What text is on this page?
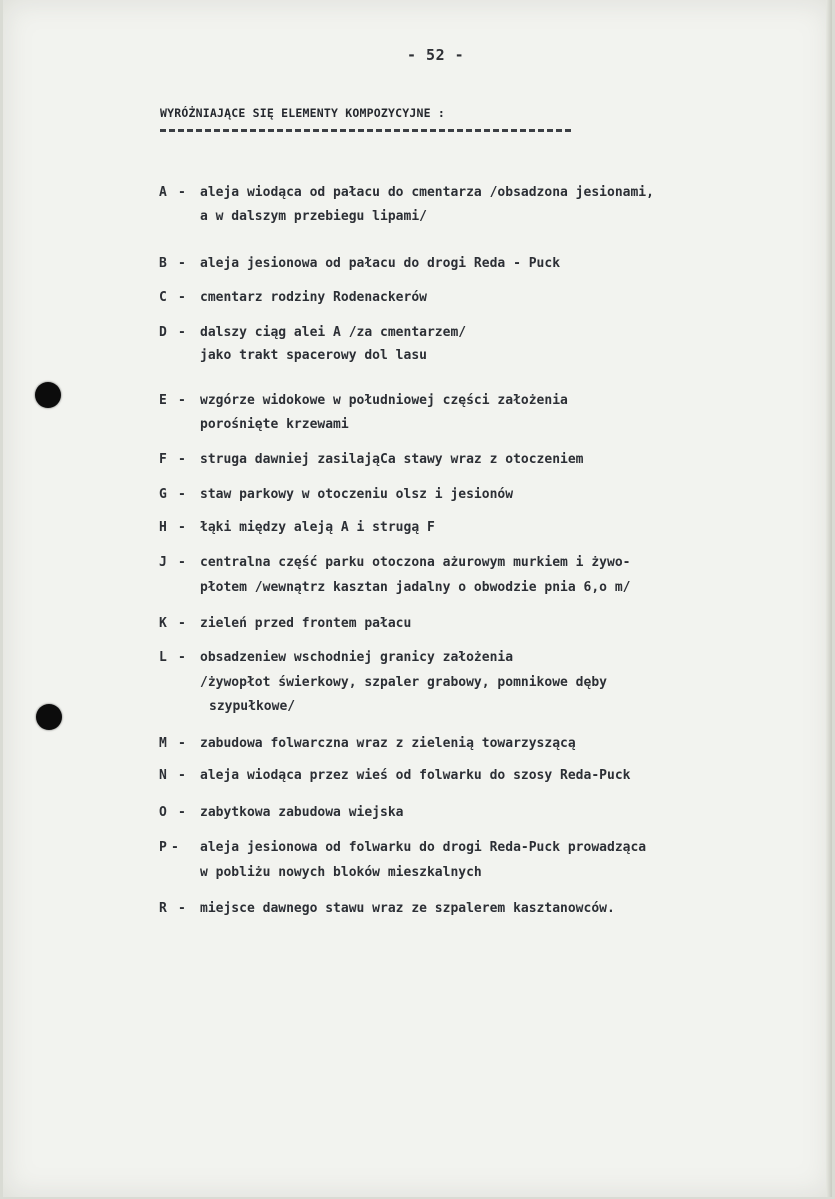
- 52 -
WYRÓŻNIAJĄCE SIĘ ELEMENTY KOMPOZYCYJNE :
A - aleja wiodąca od pałacu do cmentarza /obsadzona jesionami,
a w dalszym przebiegu lipami/
B - aleja jesionowa od pałacu do drogi Reda - Puck
C - cmentarz rodziny Rodenackerów
D - dalszy ciąg alei A /za cmentarzem/
jako trakt spacerowy dol lasu
E - wzgórze widokowe w południowej części założenia
porośnięte krzewami
F - struga dawniej zasilająCa stawy wraz z otoczeniem
G - staw parkowy w otoczeniu olsz i jesionów
H - łąki między aleją A i strugą F
J - centralna część parku otoczona ażurowym murkiem i żywo-
płotem /wewnątrz kasztan jadalny o obwodzie pnia 6,o m/
K - zieleń przed frontem pałacu
L - obsadzeniew wschodniej granicy założenia
/żywopłot świerkowy, szpaler grabowy, pomnikowe dęby
szypułkowe/
M - zabudowa folwarczna wraz z zielenią towarzyszącą
N - aleja wiodąca przez wieś od folwarku do szosy Reda-Puck
O - zabytkowa zabudowa wiejska
P - aleja jesionowa od folwarku do drogi Reda-Puck prowadząca
w pobliżu nowych bloków mieszkalnych
R - miejsce dawnego stawu wraz ze szpalerem kasztanowców.
